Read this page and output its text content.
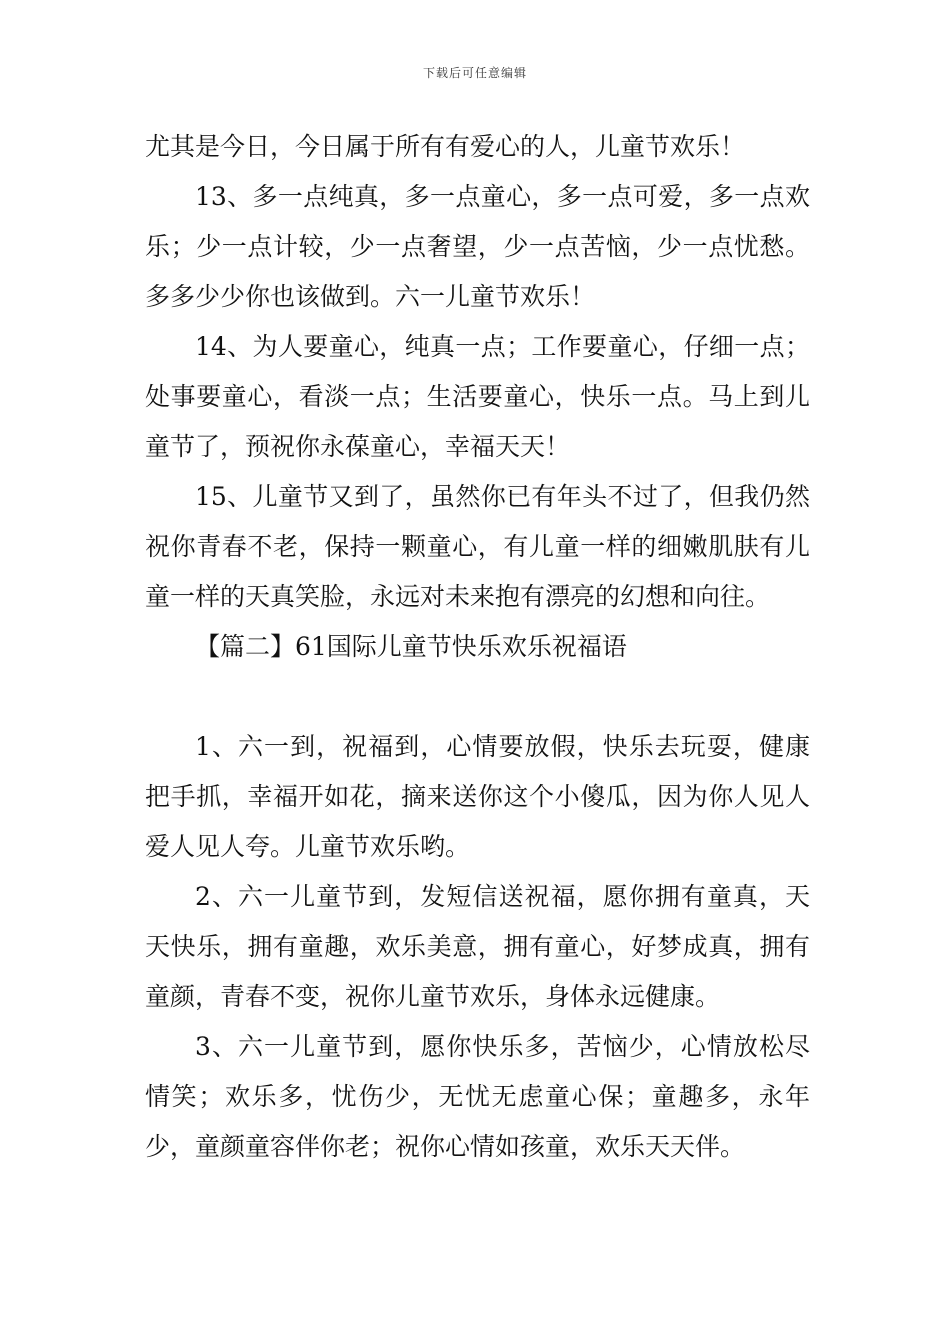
下载后可任意编辑

尤其是今日，今日属于所有有爱心的人，儿童节欢乐！

13、多一点纯真，多一点童心，多一点可爱，多一点欢乐；少一点计较，少一点奢望，少一点苦恼，少一点忧愁。多多少少你也该做到。六一儿童节欢乐！

14、为人要童心，纯真一点；工作要童心，仔细一点；处事要童心，看淡一点；生活要童心，快乐一点。马上到儿童节了，预祝你永葆童心，幸福天天！

15、儿童节又到了，虽然你已有年头不过了，但我仍然祝你青春不老，保持一颗童心，有儿童一样的细嫩肌肤有儿童一样的天真笑脸，永远对未来抱有漂亮的幻想和向往。

【篇二】61国际儿童节快乐欢乐祝福语

1、六一到，祝福到，心情要放假，快乐去玩耍，健康把手抓，幸福开如花，摘来送你这个小傻瓜，因为你人见人爱人见人夸。儿童节欢乐哟。

2、六一儿童节到，发短信送祝福，愿你拥有童真，天天快乐，拥有童趣，欢乐美意，拥有童心，好梦成真，拥有童颜，青春不变，祝你儿童节欢乐，身体永远健康。

3、六一儿童节到，愿你快乐多，苦恼少，心情放松尽情笑；欢乐多，忧伤少，无忧无虑童心保；童趣多，永年少，童颜童容伴你老；祝你心情如孩童，欢乐天天伴。
